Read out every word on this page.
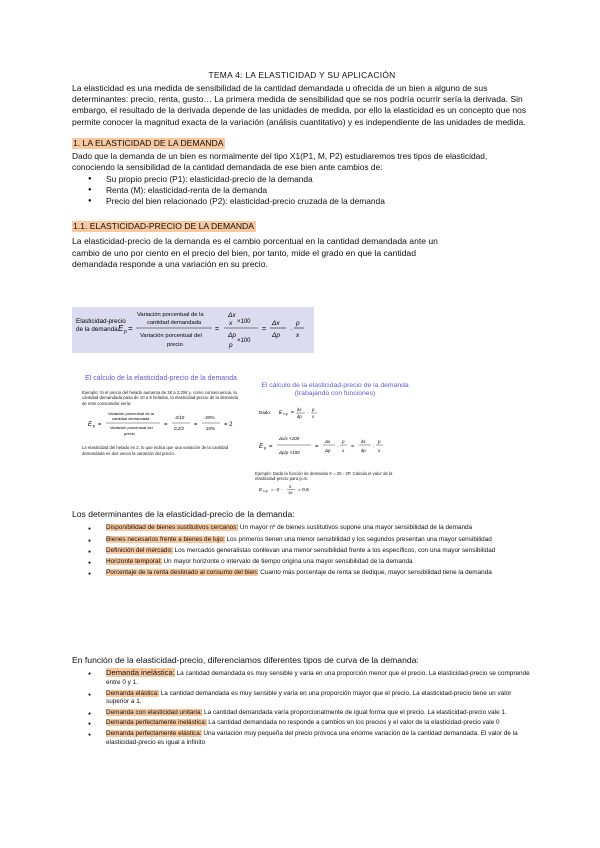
TEMA 4: LA ELASTICIDAD Y SU APLICACIÓN

La elasticidad es una medida de sensibilidad de la cantidad demandada u ofrecida de un bien a alguno de sus determinantes: precio, renta, gusto… La primera medida de sensibilidad que se nos podría ocurrir sería la derivada. Sin embargo, el resultado de la derivada depende de las unidades de medida, por ello la elasticidad es un concepto que nos permite conocer la magnitud exacta de la variación (análisis cuantitativo) y es independiente de las unidades de medida.

1. LA ELASTICIDAD DE LA DEMANDA

Dado que la demanda de un bien es normalmente del tipo X1(P1, M, P2) estudiaremos tres tipos de elasticidad, conociendo la sensibilidad de la cantidad demandada de ese bien ante cambios de:

● Su propio precio (P1): elasticidad-precio de la demanda
● Renta (M): elasticidad-renta de la demanda
● Precio del bien relacionado (P2): elasticidad-precio cruzada de la demanda
1.1. ELASTICIDAD-PRECIO DE LA DEMANDA

La elasticidad-precio de la demanda es el cambio porcentual en la cantidad demandada ante un cambio de uno por ciento en el precio del bien, por tanto, mide el grado en que la cantidad demandada responde a una variación en su precio.

Elasticidad-precio
de la demanda E p =
Variación porcentual de la
cantidad demandada
Variación porcentual del
precio
=
Δx
x ×100
Δp
p
×100
=
Δx
Δp
·
p
x
El cálculo de la elasticidad-precio de la demanda
Ejemplo: Si el precio del helado aumenta de 2€ a 2,20€ y, como consecuencia, la cantidad demandada pasa de 10 a 8 helados, la elasticidad-precio de la demanda de este consumidor sería:
E p =
Variación porcentual de la
cantidad demandada
Variación porcentual del
precio
=
-2/10
0,2/2
=
-20%
10%
= 2
La elasticidad del helado es 2, lo que indica que una variación de la cantidad demandada es dos veces la variación del precio.
El cálculo de la elasticidad-precio de la demanda (trabajando con funciones)
Dado: E x,p =
∂x
∂p
·
p
x

E p =
Δx/x ×100
Δp/p ×100
=
Δx
Δp
·
p
x
≈
∂x
∂p
·
p
x
Ejemplo: Dada la función de demanda X = 25 - 2P. Calcula el valor de la elasticidad-precio para p=5.
E x,p = -2 ·
5
15 = 0,6

Los determinantes de la elasticidad-precio de la demanda:

● Disponibilidad de bienes sustitutivos cercanos: Un mayor nº de bienes sustitutivos supone una mayor sensibilidad de la demanda
● Bienes necesarios frente a bienes de lujo: Los primeros tienen una menor sensibilidad y los segundos presentan una mayor sensibilidad
● Definición del mercado: Los mercados generalistas conllevan una menor sensibilidad frente a los específicos, con una mayor sensibilidad
● Horizonte temporal: Un mayor horizonte o intervalo de tiempo origina una mayor sensibilidad de la demanda
● Porcentaje de la renta destinado al consumo del bien: Cuanto más porcentaje de renta se dedique, mayor sensibilidad tiene la demanda

En función de la elasticidad-precio, diferenciamos diferentes tipos de curva de la demanda:

● Demanda inelástica: La cantidad demandada es muy sensible y varía en una proporción menor que el precio. La elasticidad-precio se comprende entre 0 y 1.
● Demanda elástica: La cantidad demandada es muy sensible y varía en una proporción mayor que el precio. La elasticidad-precio tiene un valor superior a 1.
● Demanda con elasticidad unitaria: La cantidad demandada varía proporcionalmente de igual forma que el precio. La elasticidad-precio vale 1.
● Demanda perfectamente inelástica: La cantidad demandada no responde a cambios en los precios y el valor de la elasticidad-precio vale 0
● Demanda perfectamente elástica: Una variación muy pequeña del precio provoca una enorme variación de la cantidad demandada. El valor de la elasticidad-precio es igual a infinito
